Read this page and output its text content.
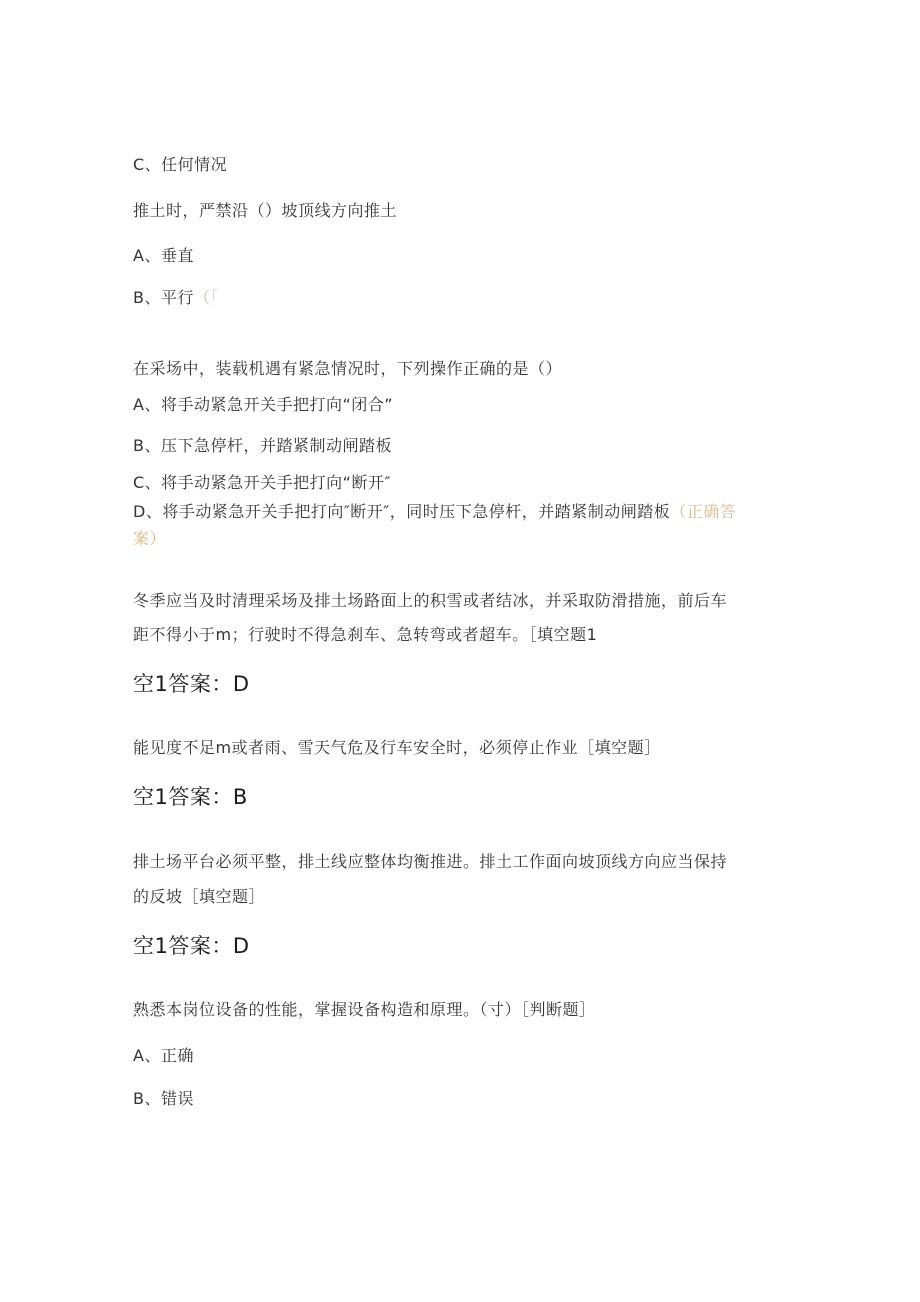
C、任何情况
推土时，严禁沿（）坡顶线方向推土
A、垂直
B、平行（「
在采场中，装载机遇有紧急情况时，下列操作正确的是（）
A、将手动紧急开关手把打向“闭合”
B、压下急停杆，并踏紧制动闸踏板
C、将手动紧急开关手把打向“断开″
D、将手动紧急开关手把打向″断开″，同时压下急停杆，并踏紧制动闸踏板（正确答
案）
冬季应当及时清理采场及排土场路面上的积雪或者结冰，并采取防滑措施，前后车
距不得小于m；行驶时不得急刹车、急转弯或者超车。［填空题1
空1答案：D
能见度不足m或者雨、雪天气危及行车安全时，必须停止作业［填空题］
空1答案：B
排土场平台必须平整，排土线应整体均衡推进。排土工作面向坡顶线方向应当保持
的反坡［填空题］
空1答案：D
熟悉本岗位设备的性能，掌握设备构造和原理。（寸）［判断题］
A、正确
B、错误
